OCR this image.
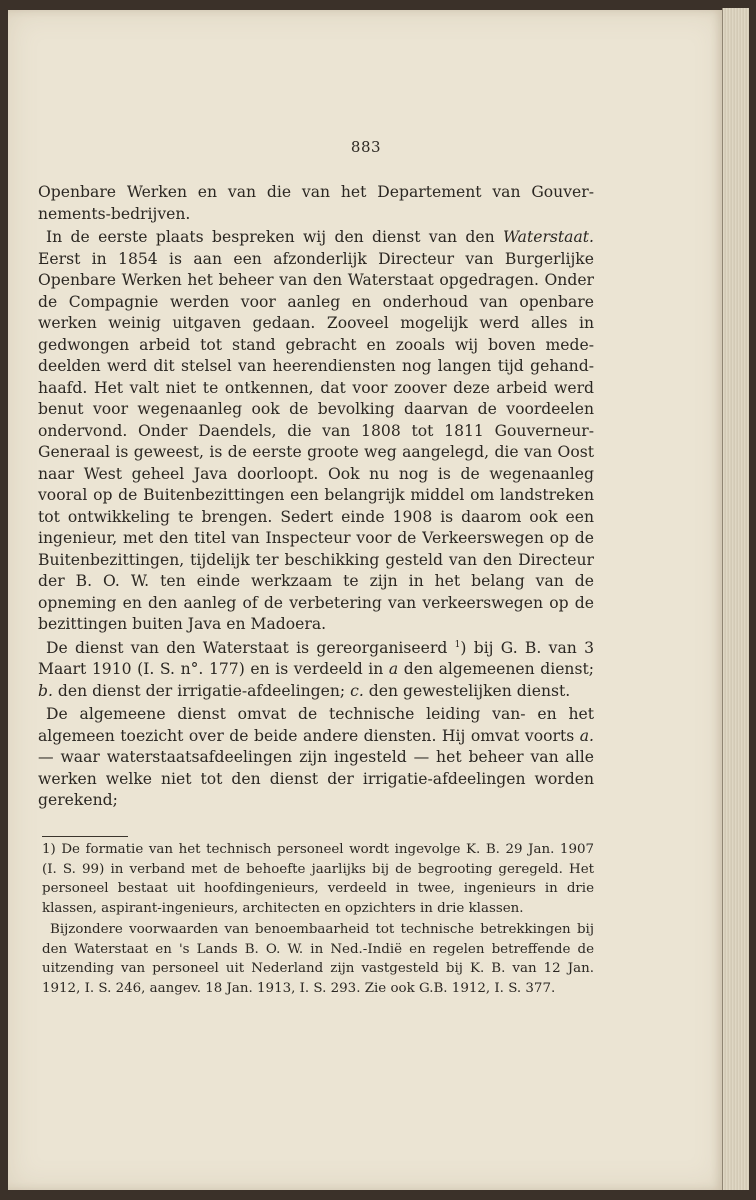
883

Openbare Werken en van die van het Departement van Gouvernements-bedrijven.

In de eerste plaats bespreken wij den dienst van den Waterstaat. Eerst in 1854 is aan een afzonderlijk Directeur van Burgerlijke Openbare Werken het beheer van den Waterstaat opgedragen. Onder de Compagnie werden voor aanleg en onderhoud van openbare werken weinig uitgaven gedaan. Zooveel mogelijk werd alles in gedwongen arbeid tot stand gebracht en zooals wij boven mededeelden werd dit stelsel van heerendiensten nog langen tijd gehandhaafd. Het valt niet te ontkennen, dat voor zoover deze arbeid werd benut voor wegenaanleg ook de bevolking daarvan de voordeelen ondervond. Onder Daendels, die van 1808 tot 1811 Gouverneur-Generaal is geweest, is de eerste groote weg aangelegd, die van Oost naar West geheel Java doorloopt. Ook nu nog is de wegenaanleg vooral op de Buitenbezittingen een belangrijk middel om landstreken tot ontwikkeling te brengen. Sedert einde 1908 is daarom ook een ingenieur, met den titel van Inspecteur voor de Verkeerswegen op de Buitenbezittingen, tijdelijk ter beschikking gesteld van den Directeur der B. O. W. ten einde werkzaam te zijn in het belang van de opneming en den aanleg of de verbetering van verkeerswegen op de bezittingen buiten Java en Madoera.

De dienst van den Waterstaat is gereorganiseerd $^1$) bij G. B. van 3 Maart 1910 (I. S. n°. 177) en is verdeeld in a den algemeenen dienst; b. den dienst der irrigatie-afdeelingen; c. den gewestelijken dienst.

De algemeene dienst omvat de technische leiding van- en het algemeen toezicht over de beide andere diensten. Hij omvat voorts a. — waar waterstaatsafdeelingen zijn ingesteld — het beheer van alle werken welke niet tot den dienst der irrigatie-afdeelingen worden gerekend;

1) De formatie van het technisch personeel wordt ingevolge K. B. 29 Jan. 1907 (I. S. 99) in verband met de behoefte jaarlijks bij de begrooting geregeld. Het personeel bestaat uit hoofdingenieurs, verdeeld in twee, ingenieurs in drie klassen, aspirant-ingenieurs, architecten en opzichters in drie klassen.

Bijzondere voorwaarden van benoembaarheid tot technische betrekkingen bij den Waterstaat en 's Lands B. O. W. in Ned.-Indië en regelen betreffende de uitzending van personeel uit Nederland zijn vastgesteld bij K. B. van 12 Jan. 1912, I. S. 246, aangev. 18 Jan. 1913, I. S. 293. Zie ook G.B. 1912, I. S. 377.
